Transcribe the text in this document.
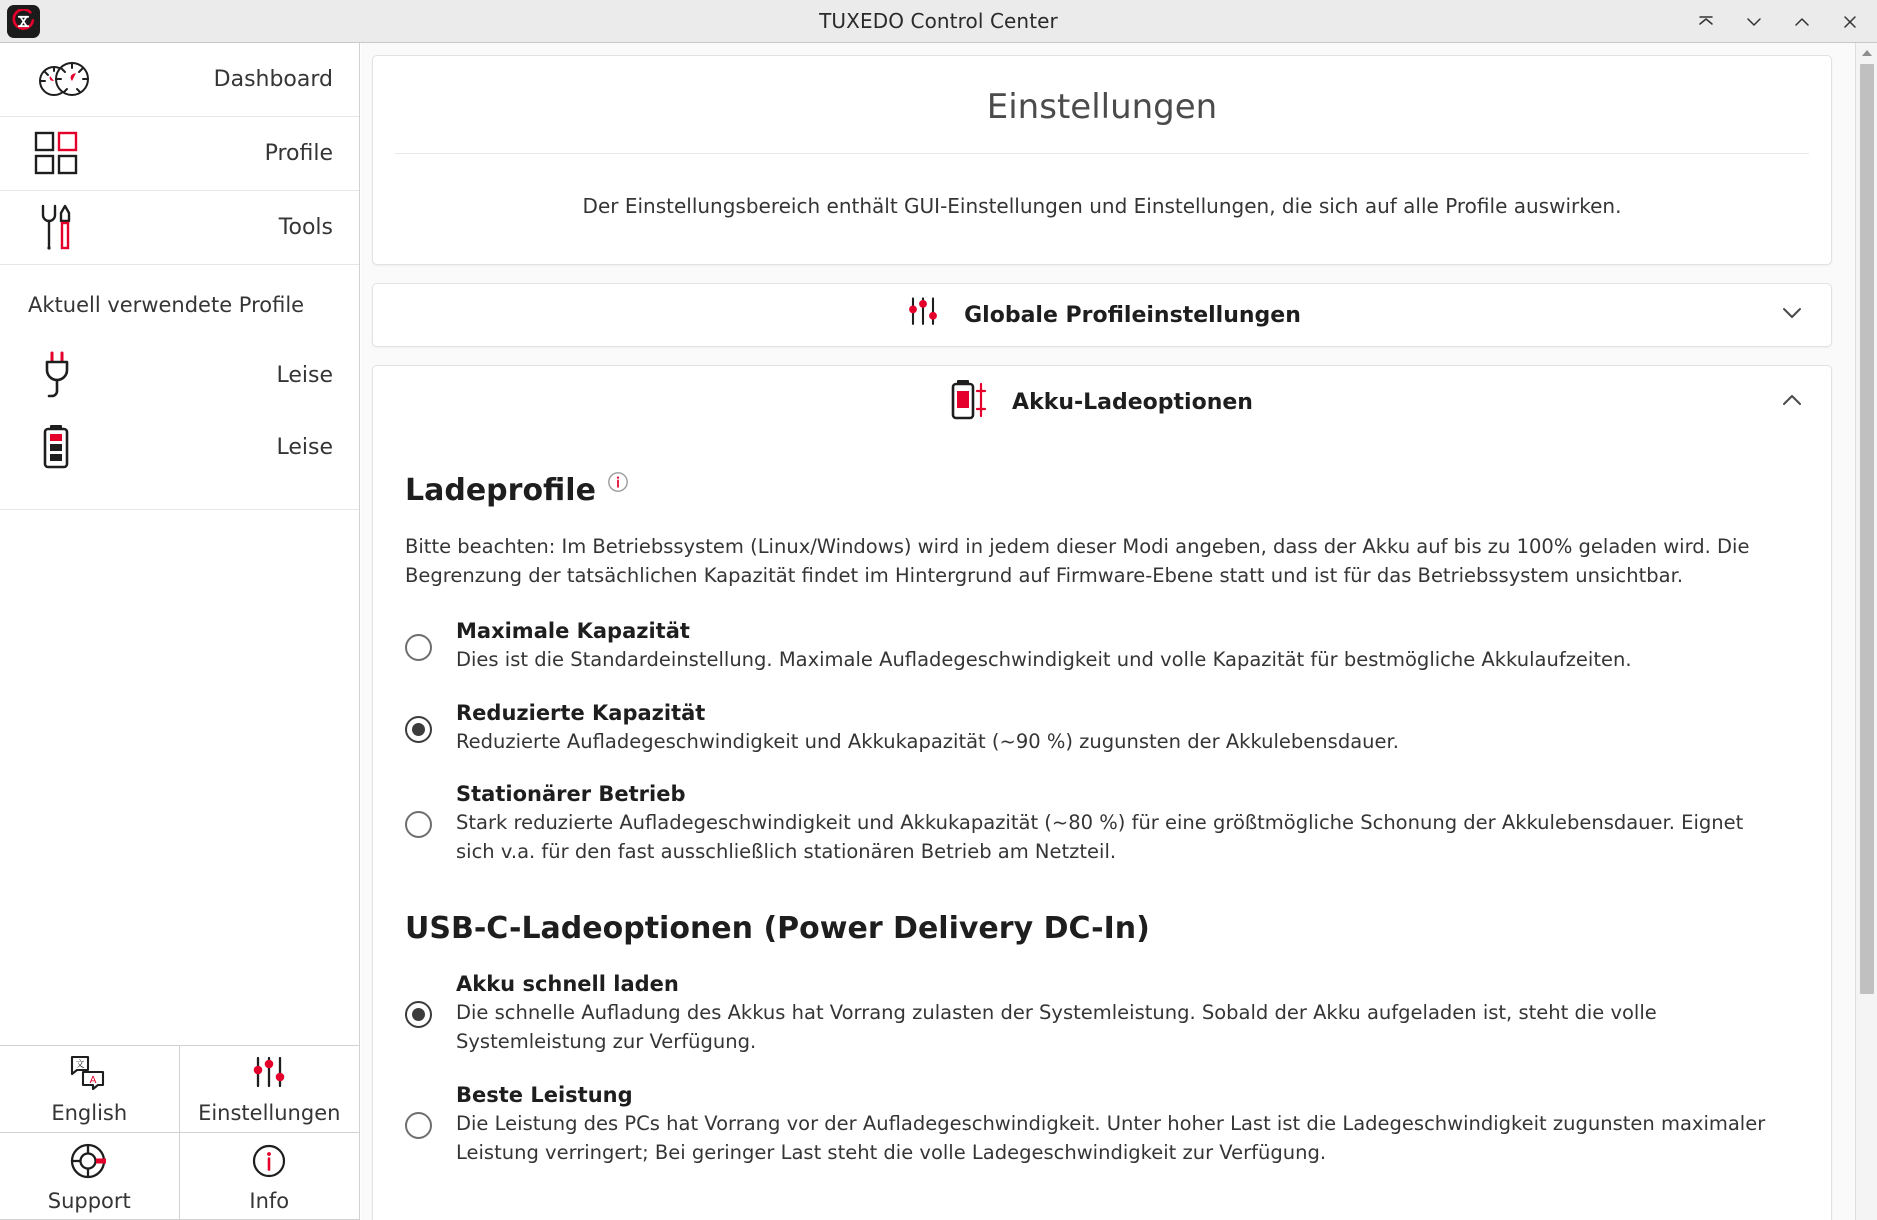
TUXEDO Control Center
Dashboard
Profile
Tools
Aktuell verwendete Profile
Leise
Leise
文
A
English	Einstellungen
Support	Info
Einstellungen
Der Einstellungsbereich enthält GUI-Einstellungen und Einstellungen, die sich auf alle Profile auswirken.
Globale Profileinstellungen
Akku-Ladeoptionen
Ladeprofile
Bitte beachten: Im Betriebssystem (Linux/Windows) wird in jedem dieser Modi angeben, dass der Akku auf bis zu 100% geladen wird. Die Begrenzung der tatsächlichen Kapazität findet im Hintergrund auf Firmware-Ebene statt und ist für das Betriebssystem unsichtbar.
Maximale Kapazität
Dies ist die Standardeinstellung. Maximale Aufladegeschwindigkeit und volle Kapazität für bestmögliche Akkulaufzeiten.
Reduzierte Kapazität
Reduzierte Aufladegeschwindigkeit und Akkukapazität (~90 %) zugunsten der Akkulebensdauer.
Stationärer Betrieb
Stark reduzierte Aufladegeschwindigkeit und Akkukapazität (~80 %) für eine größtmögliche Schonung der Akkulebensdauer. Eignet sich v.a. für den fast ausschließlich stationären Betrieb am Netzteil.
USB-C-Ladeoptionen (Power Delivery DC-In)
Akku schnell laden
Die schnelle Aufladung des Akkus hat Vorrang zulasten der Systemleistung. Sobald der Akku aufgeladen ist, steht die volle Systemleistung zur Verfügung.
Beste Leistung
Die Leistung des PCs hat Vorrang vor der Aufladegeschwindigkeit. Unter hoher Last ist die Ladegeschwindigkeit zugunsten maximaler Leistung verringert; Bei geringer Last steht die volle Ladegeschwindigkeit zur Verfügung.
